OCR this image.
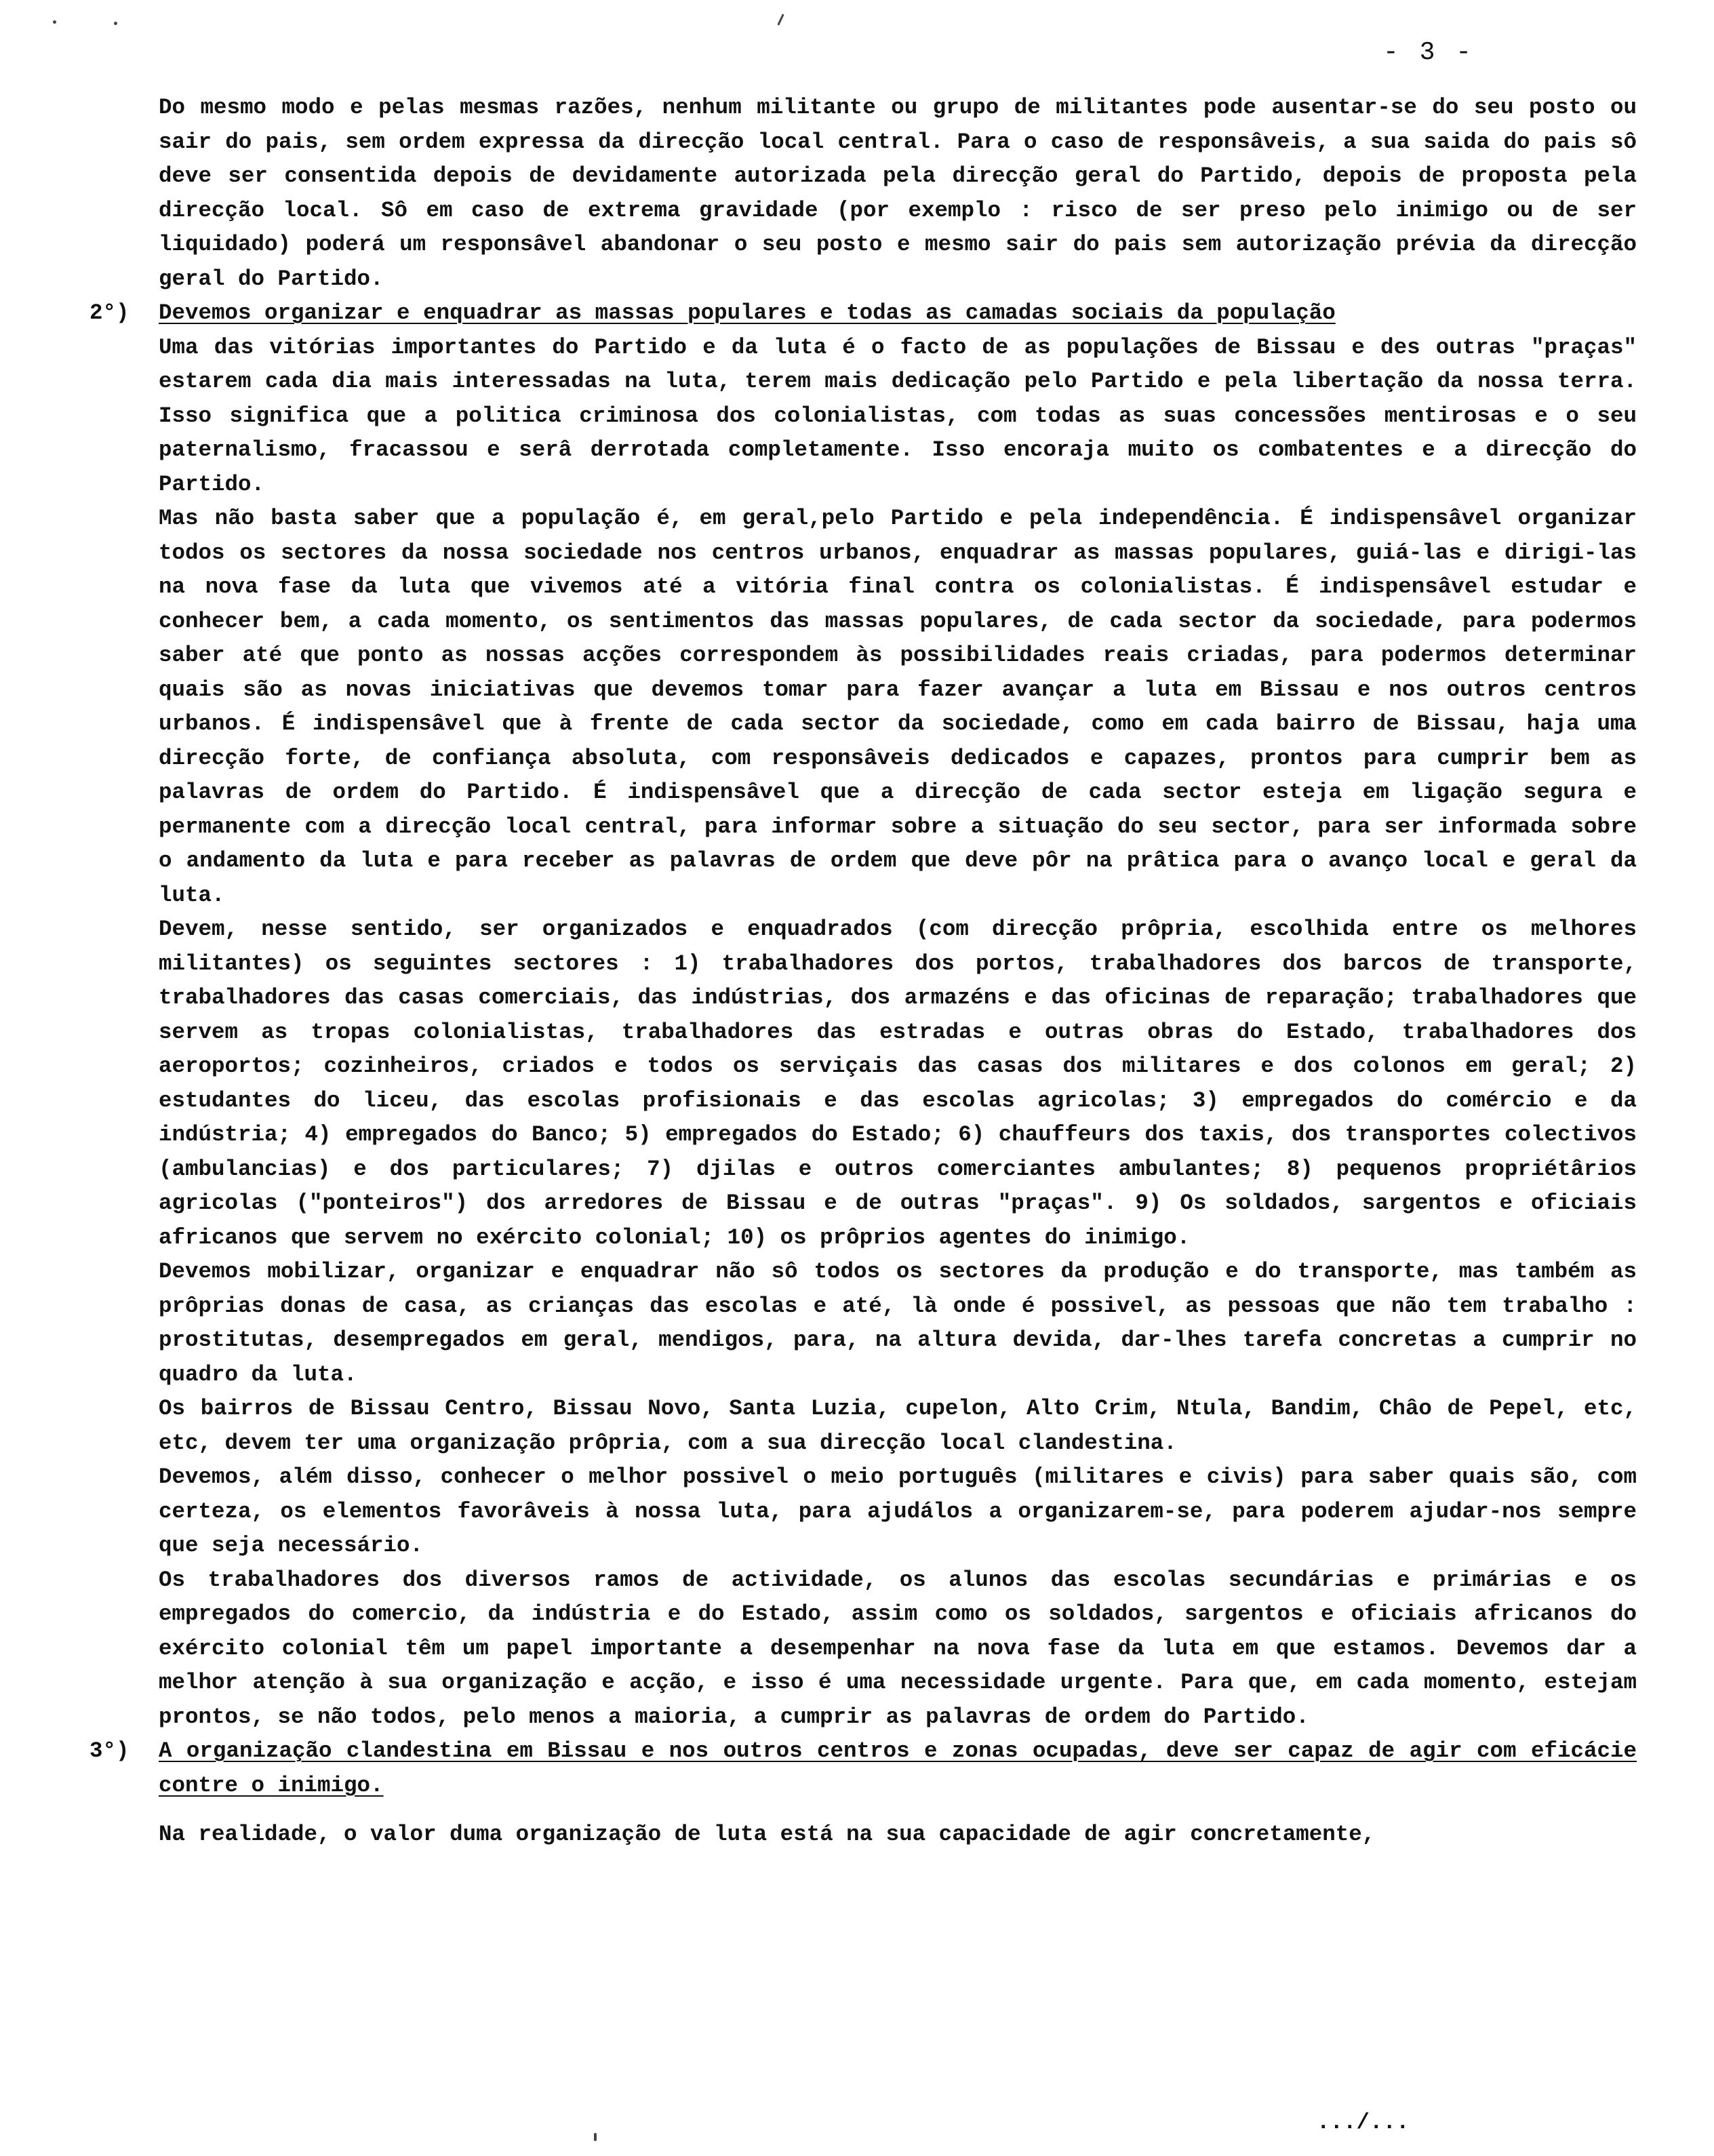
- 3 -

Do mesmo modo e pelas mesmas razões, nenhum militante ou grupo de militantes pode ausentar-se do seu posto ou sair do pais, sem ordem expressa da direcção local central. Para o caso de responsâveis, a sua saida do pais sô deve ser consentida depois de devidamente autorizada pela direcção geral do Partido, depois de proposta pela direcção local. Sô em caso de extrema gravidade (por exemplo : risco de ser preso pelo inimigo ou de ser liquidado) poderá um responsâvel abandonar o seu posto e mesmo sair do pais sem autorização prévia da direcção geral do Partido.

2°) Devemos organizar e enquadrar as massas populares e todas as camadas sociais da população

Uma das vitórias importantes do Partido e da luta é o facto de as populações de Bissau e des outras "praças" estarem cada dia mais interessadas na luta, terem mais dedicação pelo Partido e pela libertação da nossa terra. Isso significa que a politica criminosa dos colonialistas, com todas as suas concessões mentirosas e o seu paternalismo, fracassou e serâ derrotada completamente. Isso encoraja muito os combatentes e a direcção do Partido.

Mas não basta saber que a população é, em geral,pelo Partido e pela independência. É indispensâvel organizar todos os sectores da nossa sociedade nos centros urbanos, enquadrar as massas populares, guiá-las e dirigi-las na nova fase da luta que vivemos até a vitória final contra os colonialistas. É indispensâvel estudar e conhecer bem, a cada momento, os sentimentos das massas populares, de cada sector da sociedade, para podermos saber até que ponto as nossas acções correspondem às possibilidades reais criadas, para podermos determinar quais são as novas iniciativas que devemos tomar para fazer avançar a luta em Bissau e nos outros centros urbanos. É indispensâvel que à frente de cada sector da sociedade, como em cada bairro de Bissau, haja uma direcção forte, de confiança absoluta, com responsâveis dedicados e capazes, prontos para cumprir bem as palavras de ordem do Partido. É indispensâvel que a direcção de cada sector esteja em ligação segura e permanente com a direcção local central, para informar sobre a situação do seu sector, para ser informada sobre o andamento da luta e para receber as palavras de ordem que deve pôr na prâtica para o avanço local e geral da luta.

Devem, nesse sentido, ser organizados e enquadrados (com direcção prôpria, escolhida entre os melhores militantes) os seguintes sectores : 1) trabalhadores dos portos, trabalhadores dos barcos de transporte, trabalhadores das casas comerciais, das indústrias, dos armazéns e das oficinas de reparação; trabalhadores que servem as tropas colonialistas, trabalhadores das estradas e outras obras do Estado, trabalhadores dos aeroportos; cozinheiros, criados e todos os serviçais das casas dos militares e dos colonos em geral; 2) estudantes do liceu, das escolas profisionais e das escolas agricolas; 3) empregados do comércio e da indústria; 4) empregados do Banco; 5) empregados do Estado; 6) chauffeurs dos taxis, dos transportes colectivos (ambulancias) e dos particulares; 7) djilas e outros comerciantes ambulantes; 8) pequenos propriétârios agricolas ("ponteiros") dos arredores de Bissau e de outras "praças". 9) Os soldados, sargentos e oficiais africanos que servem no exército colonial; 10) os prôprios agentes do inimigo.

Devemos mobilizar, organizar e enquadrar não sô todos os sectores da produção e do transporte, mas também as prôprias donas de casa, as crianças das escolas e até, là onde é possivel, as pessoas que não tem trabalho : prostitutas, desempregados em geral, mendigos, para, na altura devida, dar-lhes tarefa concretas a cumprir no quadro da luta.

Os bairros de Bissau Centro, Bissau Novo, Santa Luzia, cupelon, Alto Crim, Ntula, Bandim, Châo de Pepel, etc, etc, devem ter uma organização prôpria, com a sua direcção local clandestina.

Devemos, além disso, conhecer o melhor possivel o meio português (militares e civis) para saber quais são, com certeza, os elementos favorâveis à nossa luta, para ajudálos a organizarem-se, para poderem ajudar-nos sempre que seja necessário.

Os trabalhadores dos diversos ramos de actividade, os alunos das escolas secundárias e primárias e os empregados do comercio, da indústria e do Estado, assim como os soldados, sargentos e oficiais africanos do exército colonial têm um papel importante a desempenhar na nova fase da luta em que estamos. Devemos dar a melhor atenção à sua organização e acção, e isso é uma necessidade urgente. Para que, em cada momento, estejam prontos, se não todos, pelo menos a maioria, a cumprir as palavras de ordem do Partido.

3°) A organização clandestina em Bissau e nos outros centros e zonas ocupadas, deve ser capaz de agir com eficácie contre o inimigo.

Na realidade, o valor duma organização de luta está na sua capacidade de agir concretamente,

.../...
